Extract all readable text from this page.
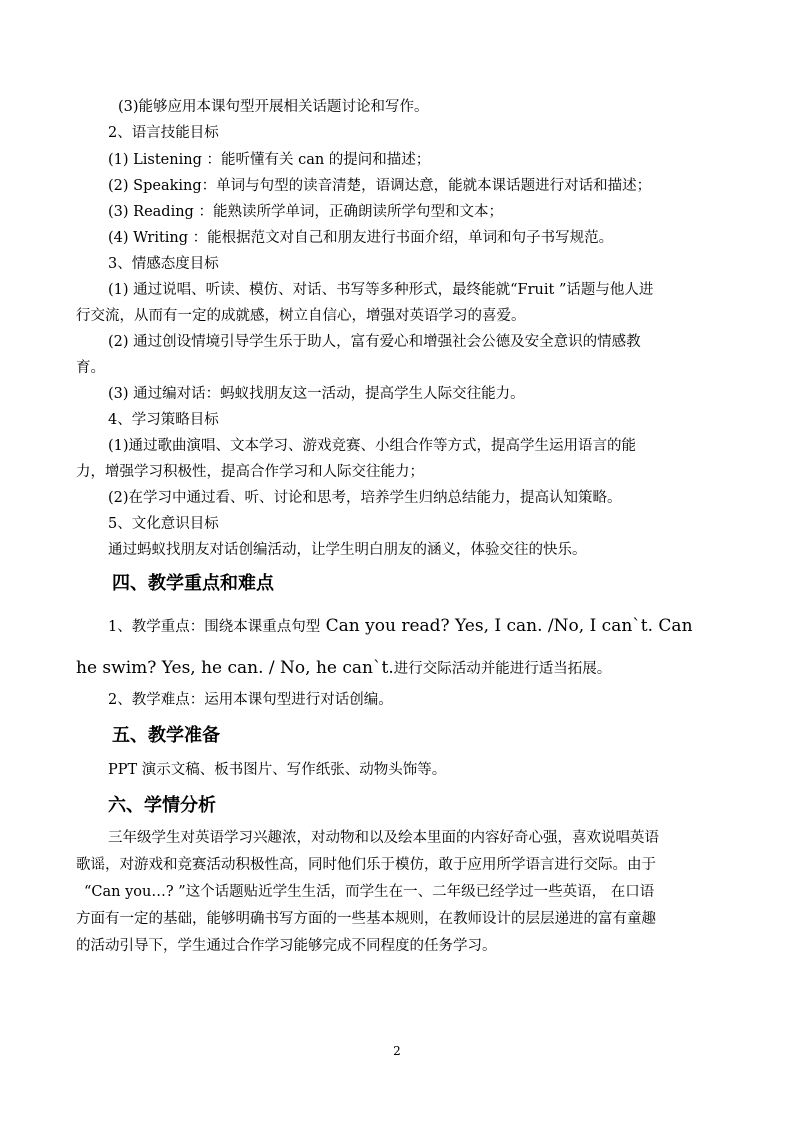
(3)能够应用本课句型开展相关话题讨论和写作。
2、语言技能目标
(1) Listening ：能听懂有关 can 的提问和描述；
(2) Speaking：单词与句型的读音清楚，语调达意，能就本课话题进行对话和描述；
(3) Reading ：能熟读所学单词，正确朗读所学句型和文本；
(4) Writing ：能根据范文对自己和朋友进行书面介绍，单词和句子书写规范。
3、情感态度目标
(1) 通过说唱、听读、模仿、对话、书写等多种形式，最终能就“Fruit ”话题与他人进
行交流，从而有一定的成就感，树立自信心，增强对英语学习的喜爱。
(2) 通过创设情境引导学生乐于助人，富有爱心和增强社会公德及安全意识的情感教
育。
(3) 通过编对话：蚂蚁找朋友这一活动，提高学生人际交往能力。
4、学习策略目标
(1)通过歌曲演唱、文本学习、游戏竞赛、小组合作等方式，提高学生运用语言的能
力，增强学习积极性，提高合作学习和人际交往能力；
(2)在学习中通过看、听、讨论和思考，培养学生归纳总结能力，提高认知策略。
5、文化意识目标
通过蚂蚁找朋友对话创编活动，让学生明白朋友的涵义，体验交往的快乐。
四、教学重点和难点
1、教学重点：围绕本课重点句型 Can you read? Yes, I can. /No, I can`t. Can
he swim? Yes, he can. / No, he can`t.进行交际活动并能进行适当拓展。
2、教学难点：运用本课句型进行对话创编。
五、教学准备
PPT 演示文稿、板书图片、写作纸张、动物头饰等。
六、学情分析
三年级学生对英语学习兴趣浓，对动物和以及绘本里面的内容好奇心强，喜欢说唱英语
歌谣，对游戏和竞赛活动积极性高，同时他们乐于模仿，敢于应用所学语言进行交际。由于
“Can you…? ”这个话题贴近学生生活，而学生在一、二年级已经学过一些英语， 在口语
方面有一定的基础，能够明确书写方面的一些基本规则，在教师设计的层层递进的富有童趣
的活动引导下，学生通过合作学习能够完成不同程度的任务学习。
2
